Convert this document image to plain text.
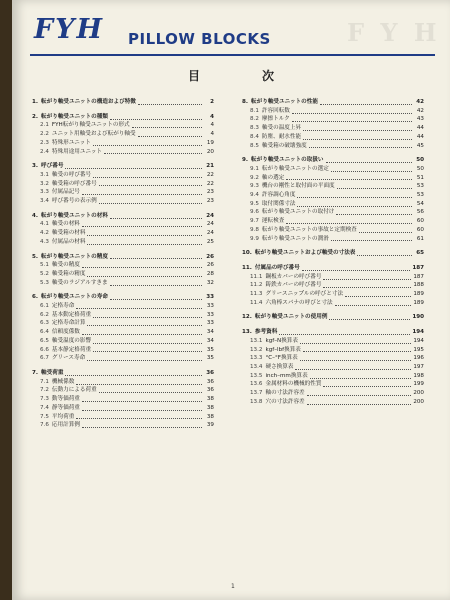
FYH PILLOW BLOCKS	F Y H
目	次
1. 転がり軸受ユニットの構造および特徴	2
2. 転がり軸受ユニットの種類	4
2.1 FYH転がり軸受ユニットの形式	4
2.2 ユニット用軸受および転がり軸受	4
2.3 特殊形ユニット	19
2.4 特殊用途用ユニット	20
3. 呼び番号	21
3.1 軸受の呼び番号	22
3.2 軸受箱の呼び番号	22
3.3 付属品記号	23
3.4 呼び番号の表示例	23
4. 転がり軸受ユニットの材料	24
4.1 軸受の材料	24
4.2 軸受箱の材料	24
4.3 付属品の材料	25
5. 転がり軸受ユニットの精度	26
5.1 軸受の精度	26
5.2 軸受箱の精度	28
5.3 軸受のラジアルすきま	32
6. 転がり軸受ユニットの寿命	33
6.1 定格寿命	33
6.2 基本動定格荷重	33
6.3 定格寿命計算	33
6.4 信頼度係数	34
6.5 軸受温度の影響	34
6.6 基本静定格荷重	35
6.7 グリース寿命	35
7. 軸受荷重	36
7.1 機械係数	36
7.2 伝動力による荷重	36
7.3 動等価荷重	38
7.4 静等価荷重	38
7.5 平均荷重	38
7.6 応用計算例	39
8. 転がり軸受ユニットの性能	42
8.1 許容回転数	42
8.2 摩擦トルク	43
8.3 軸受の温度上昇	44
8.4 防塵、耐水性能	44
8.5 軸受箱の破壊強度	45
9. 転がり軸受ユニットの取扱い	50
9.1 転がり軸受ユニットの選定	50
9.2 軸の選定	51
9.3 機台の剛性と取付面の平面度	53
9.4 許容調心角度	53
9.5 取付関係寸法	54
9.6 転がり軸受ユニットの取付け	56
9.7 運転検査	60
9.8 転がり軸受ユニットの事故と定期検査	60
9.9 転がり軸受ユニットの潤滑	61
10. 転がり軸受ユニットおよび軸受の寸法表	65
11. 付属品の呼び番号	187
11.1 鋼板カバーの呼び番号	187
11.2 鋳鉄カバーの呼び番号	188
11.3 グリースニップルの呼びと寸法	189
11.4 六角棒スパナの呼びと寸法	189
12. 転がり軸受ユニットの使用例	190
13. 参考資料	194
13.1 kgf–N換算表	194
13.2 kgf–lbf換算表	195
13.3 °C–°F換算表	196
13.4 硬さ換算表	197
13.5 inch–mm換算表	198
13.6 金属材料の機械的性質	199
13.7 軸の寸法許容差	200
13.8 穴の寸法許容差	200
1
